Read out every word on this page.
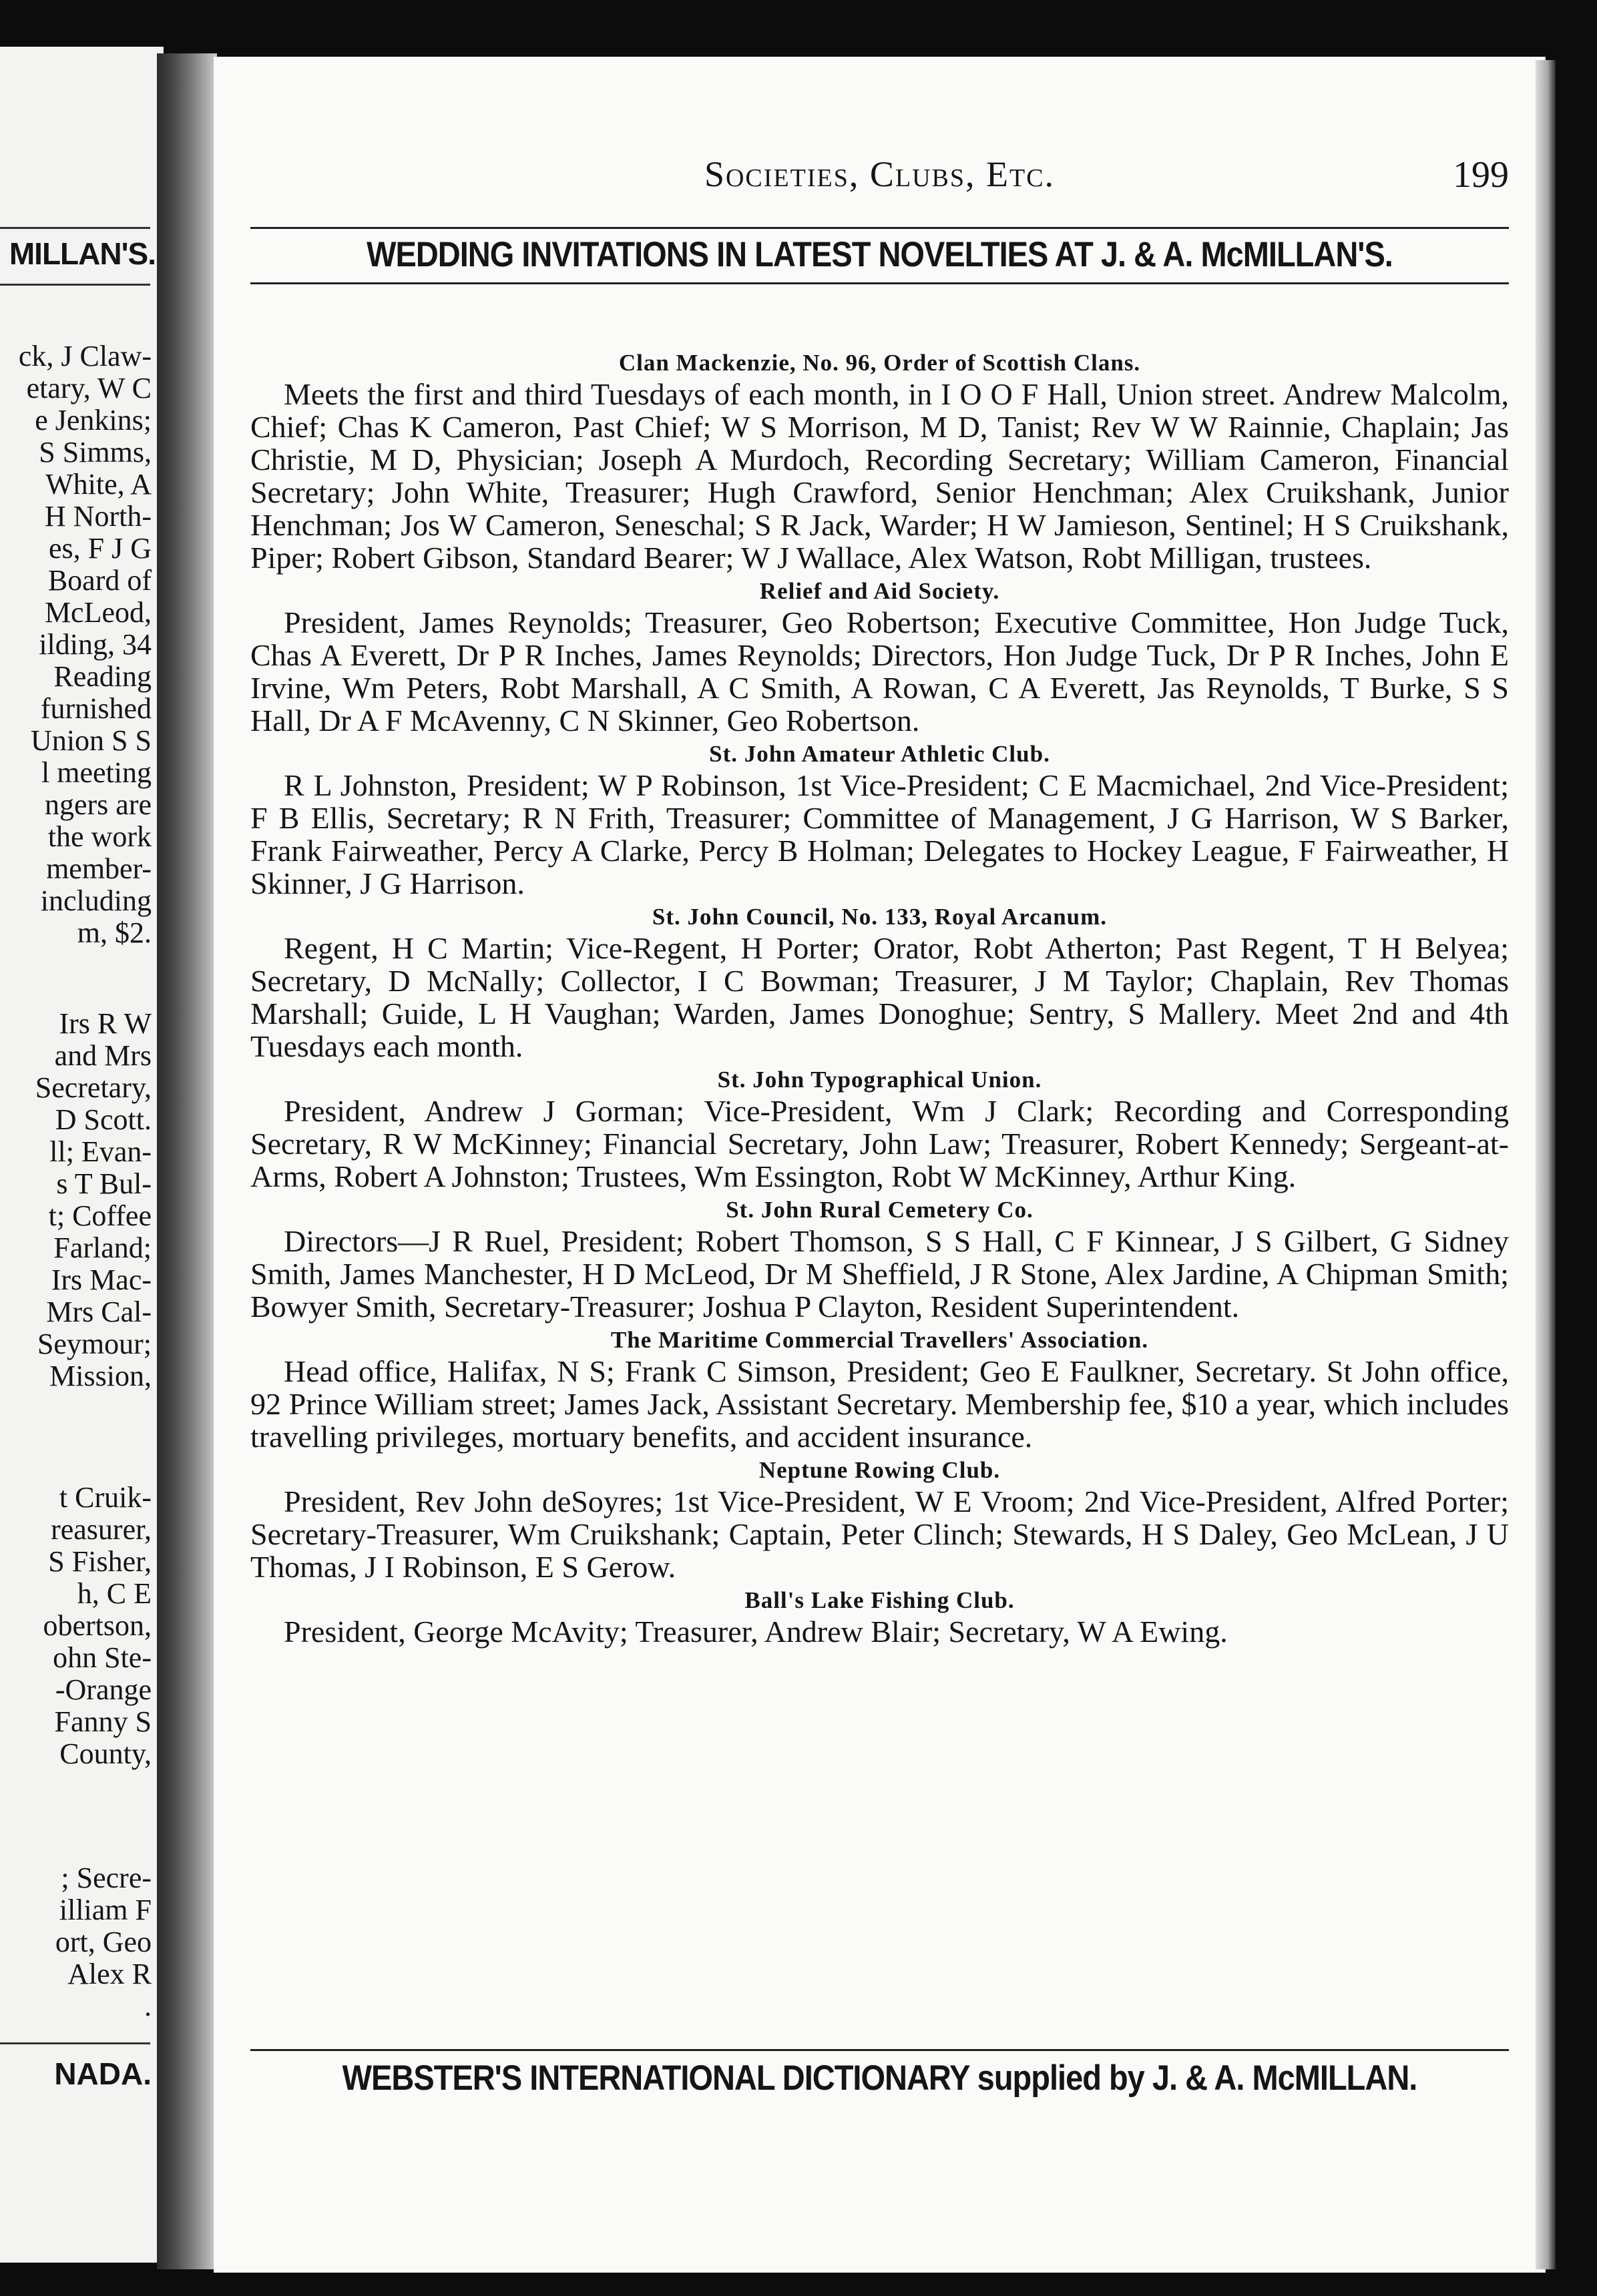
MILLAN'S.
ck, J Claw-
etary, W C
e Jenkins;
S Simms,
White, A
H North-
es, F J G
Board of
McLeod,
ilding, 34
Reading
furnished
Union S S
l meeting
ngers are
the work
member-
including
m, $2.
Irs R W
and Mrs
Secretary,
D Scott.
ll; Evan-
s T Bul-
t; Coffee
Farland;
Irs Mac-
Mrs Cal-
Seymour;
Mission,
t Cruik-
reasurer,
S Fisher,
h, C E
obertson,
ohn Ste-
-Orange
Fanny S
County,
; Secre-
illiam F
ort, Geo
Alex R
.
NADA.
Societies, Clubs, Etc.	199
WEDDING INVITATIONS IN LATEST NOVELTIES AT J. & A. McMILLAN'S.
Clan Mackenzie, No. 96, Order of Scottish Clans.

Meets the first and third Tuesdays of each month, in I O O F Hall, Union street. Andrew Malcolm, Chief; Chas K Cameron, Past Chief; W S Morrison, M D, Tanist; Rev W W Rainnie, Chaplain; Jas Christie, M D, Physician; Joseph A Murdoch, Recording Secretary; William Cameron, Financial Secretary; John White, Treasurer; Hugh Crawford, Senior Henchman; Alex Cruikshank, Junior Henchman; Jos W Cameron, Seneschal; S R Jack, Warder; H W Jamieson, Sentinel; H S Cruikshank, Piper; Robert Gibson, Standard Bearer; W J Wallace, Alex Watson, Robt Milligan, trustees.

Relief and Aid Society.

President, James Reynolds; Treasurer, Geo Robertson; Executive Committee, Hon Judge Tuck, Chas A Everett, Dr P R Inches, James Reynolds; Directors, Hon Judge Tuck, Dr P R Inches, John E Irvine, Wm Peters, Robt Marshall, A C Smith, A Rowan, C A Everett, Jas Reynolds, T Burke, S S Hall, Dr A F McAvenny, C N Skinner, Geo Robertson.

St. John Amateur Athletic Club.

R L Johnston, President; W P Robinson, 1st Vice-President; C E Macmichael, 2nd Vice-President; F B Ellis, Secretary; R N Frith, Treasurer; Committee of Management, J G Harrison, W S Barker, Frank Fairweather, Percy A Clarke, Percy B Holman; Delegates to Hockey League, F Fairweather, H Skinner, J G Harrison.

St. John Council, No. 133, Royal Arcanum.

Regent, H C Martin; Vice-Regent, H Porter; Orator, Robt Atherton; Past Regent, T H Belyea; Secretary, D McNally; Collector, I C Bowman; Treasurer, J M Taylor; Chaplain, Rev Thomas Marshall; Guide, L H Vaughan; Warden, James Donoghue; Sentry, S Mallery. Meet 2nd and 4th Tuesdays each month.

St. John Typographical Union.

President, Andrew J Gorman; Vice-President, Wm J Clark; Recording and Corresponding Secretary, R W McKinney; Financial Secretary, John Law; Treasurer, Robert Kennedy; Sergeant-at-Arms, Robert A Johnston; Trustees, Wm Essington, Robt W McKinney, Arthur King.

St. John Rural Cemetery Co.

Directors—J R Ruel, President; Robert Thomson, S S Hall, C F Kinnear, J S Gilbert, G Sidney Smith, James Manchester, H D McLeod, Dr M Sheffield, J R Stone, Alex Jardine, A Chipman Smith; Bowyer Smith, Secretary-Treasurer; Joshua P Clayton, Resident Superintendent.

The Maritime Commercial Travellers' Association.

Head office, Halifax, N S; Frank C Simson, President; Geo E Faulkner, Secretary. St John office, 92 Prince William street; James Jack, Assistant Secretary. Membership fee, $10 a year, which includes travelling privileges, mortuary benefits, and accident insurance.

Neptune Rowing Club.

President, Rev John deSoyres; 1st Vice-President, W E Vroom; 2nd Vice-President, Alfred Porter; Secretary-Treasurer, Wm Cruikshank; Captain, Peter Clinch; Stewards, H S Daley, Geo McLean, J U Thomas, J I Robinson, E S Gerow.

Ball's Lake Fishing Club.

President, George McAvity; Treasurer, Andrew Blair; Secretary, W A Ewing.

WEBSTER'S INTERNATIONAL DICTIONARY supplied by J. & A. McMILLAN.
